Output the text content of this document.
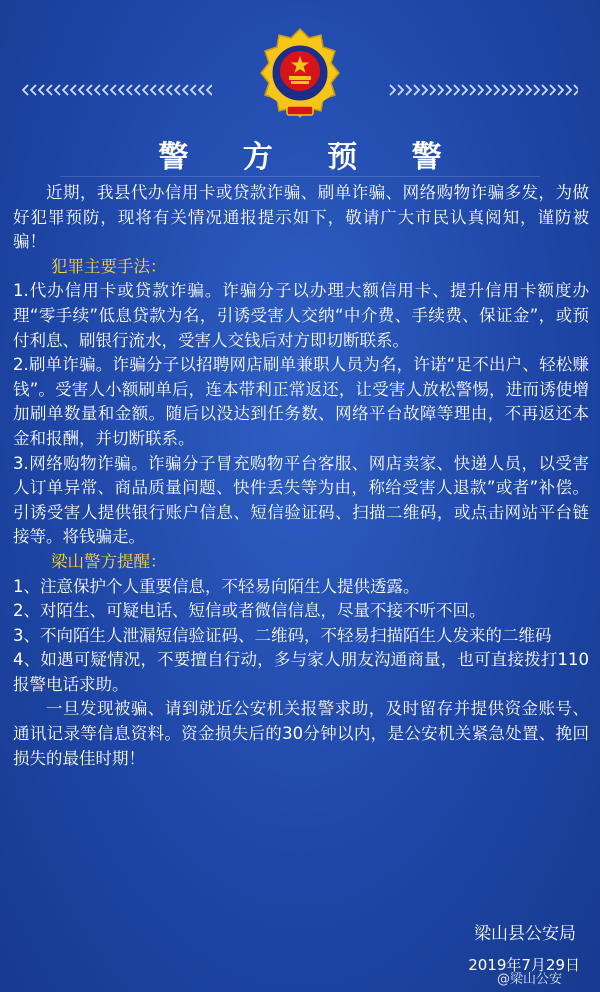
警 方 预 警

近期，我县代办信用卡或贷款诈骗、刷单诈骗、网络购物诈骗多发，为做好犯罪预防，现将有关情况通报提示如下，敬请广大市民认真阅知，谨防被骗！

犯罪主要手法：

1.代办信用卡或贷款诈骗。诈骗分子以办理大额信用卡、提升信用卡额度办理“零手续”低息贷款为名，引诱受害人交纳“中介费、手续费、保证金”，或预付利息、刷银行流水，受害人交钱后对方即切断联系。

2.刷单诈骗。诈骗分子以招聘网店刷单兼职人员为名，许诺“足不出户、轻松赚钱”。受害人小额刷单后，连本带利正常返还，让受害人放松警惕，进而诱使增加刷单数量和金额。随后以没达到任务数、网络平台故障等理由，不再返还本金和报酬，并切断联系。

3.网络购物诈骗。诈骗分子冒充购物平台客服、网店卖家、快递人员，以受害人订单异常、商品质量问题、快件丢失等为由，称给受害人退款”或者”补偿。引诱受害人提供银行账户信息、短信验证码、扫描二维码，或点击网站平台链接等。将钱骗走。

梁山警方提醒：

1、注意保护个人重要信息，不轻易向陌生人提供透露。

2、对陌生、可疑电话、短信或者微信信息，尽量不接不听不回。

3、不向陌生人泄漏短信验证码、二维码，不轻易扫描陌生人发来的二维码

4、如遇可疑情况，不要擅自行动，多与家人朋友沟通商量，也可直接拨打110报警电话求助。

一旦发现被骗、请到就近公安机关报警求助，及时留存并提供资金账号、通讯记录等信息资料。资金损失后的30分钟以内，是公安机关紧急处置、挽回损失的最佳时期！

梁山县公安局
2019年7月29日
@梁山公安
